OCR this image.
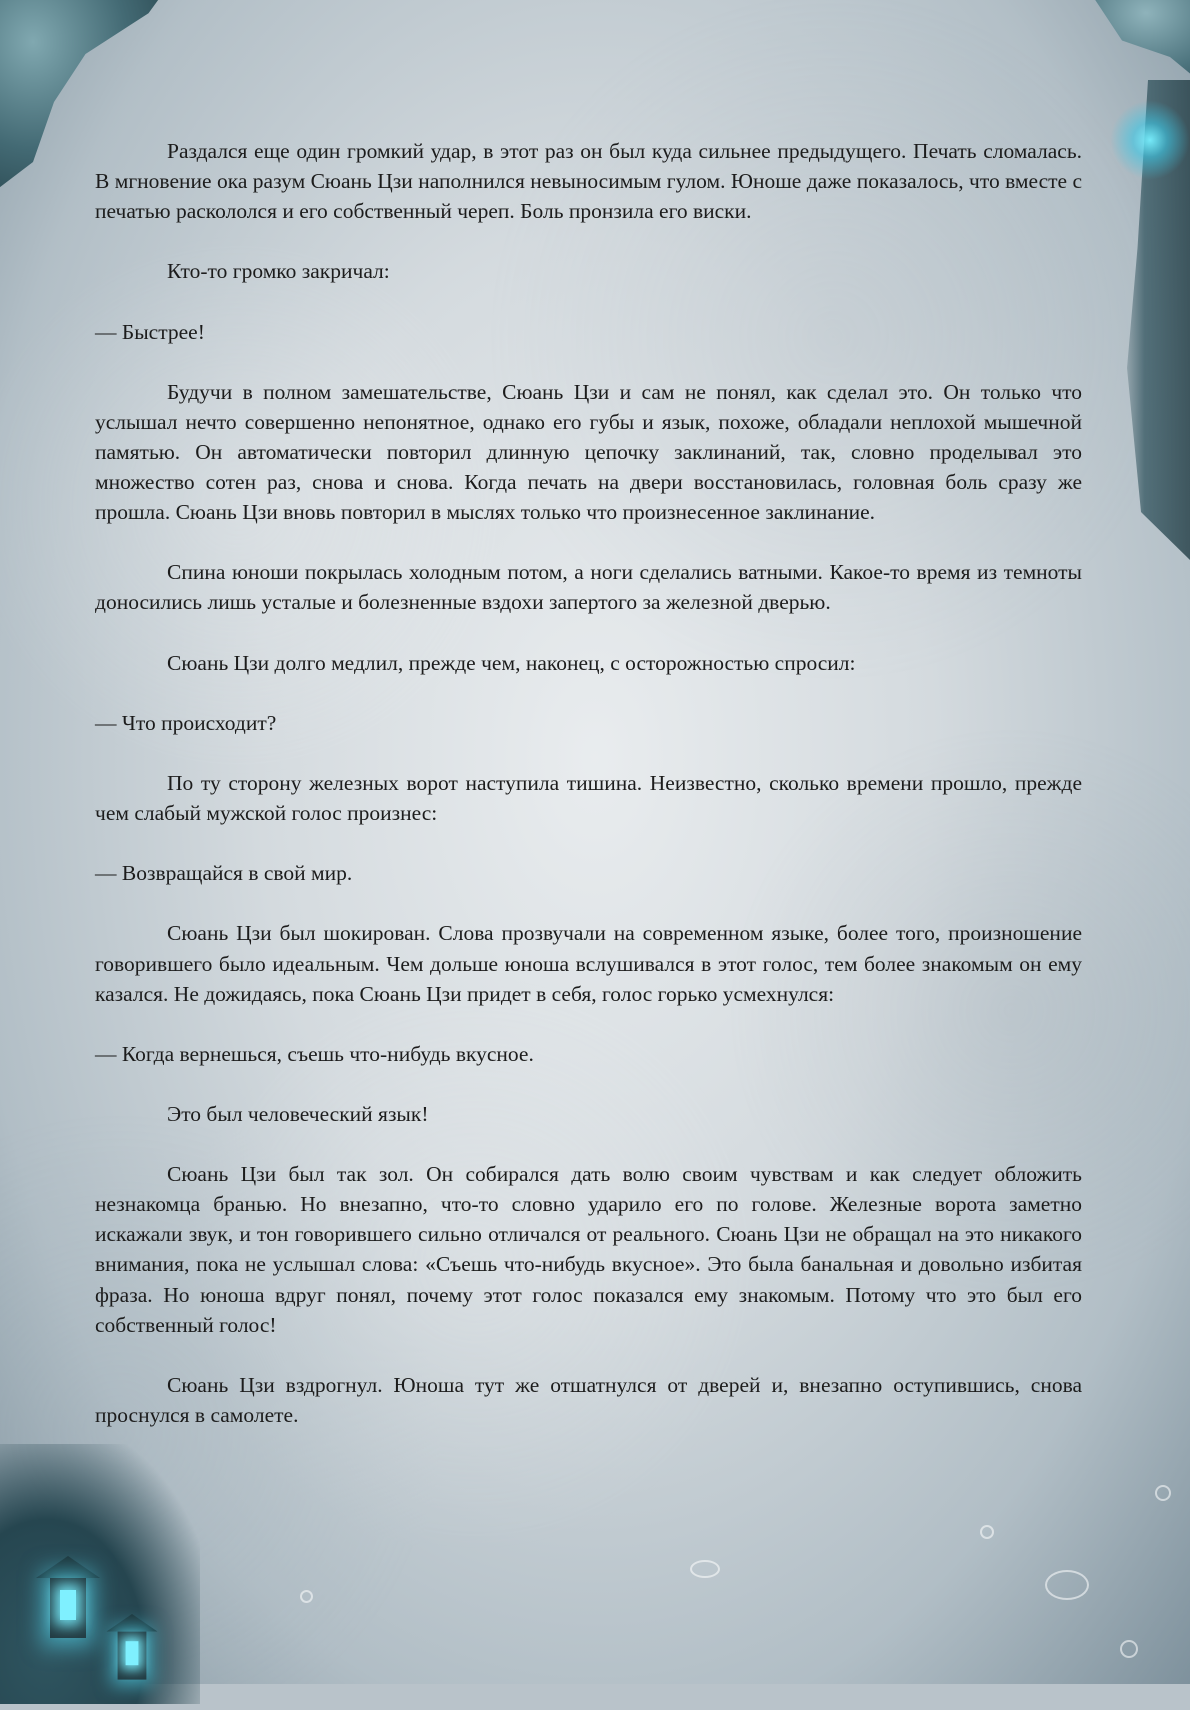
Раздался еще один громкий удар, в этот раз он был куда сильнее предыдущего. Печать сломалась. В мгновение ока разум Сюань Цзи наполнился невыносимым гулом. Юноше даже показалось, что вместе с печатью раскололся и его собственный череп. Боль пронзила его виски.

Кто-то громко закричал:

— Быстрее!

Будучи в полном замешательстве, Сюань Цзи и сам не понял, как сделал это. Он только что услышал нечто совершенно непонятное, однако его губы и язык, похоже, обладали неплохой мышечной памятью. Он автоматически повторил длинную цепочку заклинаний, так, словно проделывал это множество сотен раз, снова и снова. Когда печать на двери восстановилась, головная боль сразу же прошла. Сюань Цзи вновь повторил в мыслях только что произнесенное заклинание.

Спина юноши покрылась холодным потом, а ноги сделались ватными. Какое-то время из темноты доносились лишь усталые и болезненные вздохи запертого за железной дверью.

Сюань Цзи долго медлил, прежде чем, наконец, с осторожностью спросил:

— Что происходит?

По ту сторону железных ворот наступила тишина. Неизвестно, сколько времени прошло, прежде чем слабый мужской голос произнес:

— Возвращайся в свой мир.

Сюань Цзи был шокирован. Слова прозвучали на современном языке, более того, произношение говорившего было идеальным. Чем дольше юноша вслушивался в этот голос, тем более знакомым он ему казался. Не дожидаясь, пока Сюань Цзи придет в себя, голос горько усмехнулся:

— Когда вернешься, съешь что-нибудь вкусное.

Это был человеческий язык!

Сюань Цзи был так зол. Он собирался дать волю своим чувствам и как следует обложить незнакомца бранью. Но внезапно, что-то словно ударило его по голове. Железные ворота заметно искажали звук, и тон говорившего сильно отличался от реального. Сюань Цзи не обращал на это никакого внимания, пока не услышал слова: «Съешь что-нибудь вкусное». Это была банальная и довольно избитая фраза. Но юноша вдруг понял, почему этот голос показался ему знакомым. Потому что это был его собственный голос!

Сюань Цзи вздрогнул. Юноша тут же отшатнулся от дверей и, внезапно оступившись, снова проснулся в самолете.
